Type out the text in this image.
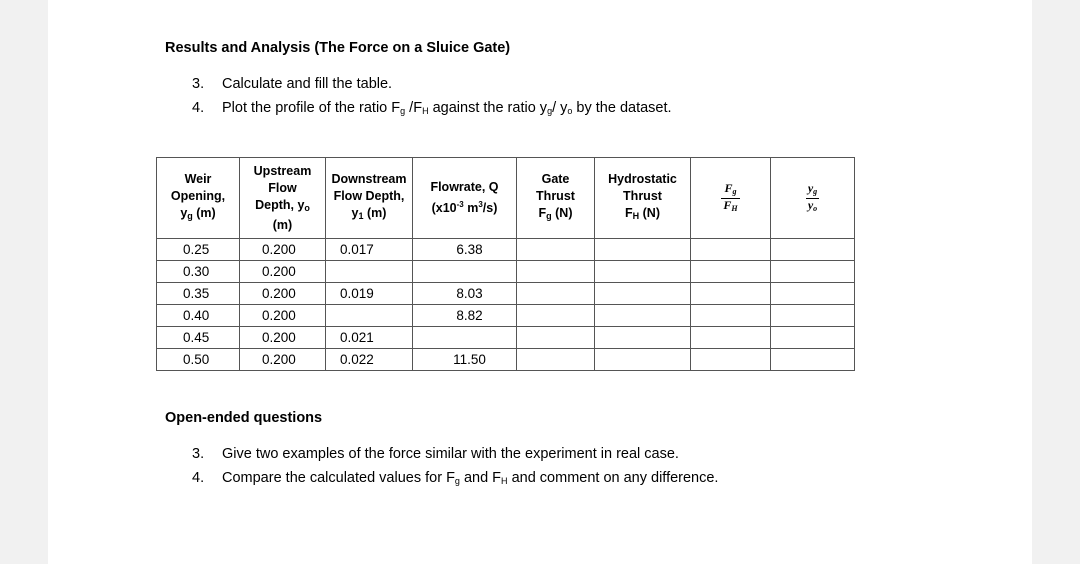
Results and Analysis (The Force on a Sluice Gate)
3. Calculate and fill the table.
4. Plot the profile of the ratio $F_g$ $/F_H$ against the ratio $y_g/$ $y_o$ by the dataset.
Weir
Opening,
$y_g$ (m)	Upstream
Flow
Depth, $y_o$
(m)	Downstream
Flow Depth,
$y_1$ (m)	Flowrate, Q
($x10^{-3}$ $m^3/s$)	Gate
Thrust
$F_g$ (N)	Hydrostatic
Thrust
$F_H$ (N)	$\frac{Fg}{FH}$	$\frac{yg}{yo}$

0.25	0.200	0.017	6.38				
0.30	0.200						
0.35	0.200	0.019	8.03				
0.40	0.200		8.82				
0.45	0.200	0.021					
0.50	0.200	0.022	11.50				
Open-ended questions
3. Give two examples of the force similar with the experiment in real case.
4. Compare the calculated values for $F_g$ and $F_H$ and comment on any difference.
